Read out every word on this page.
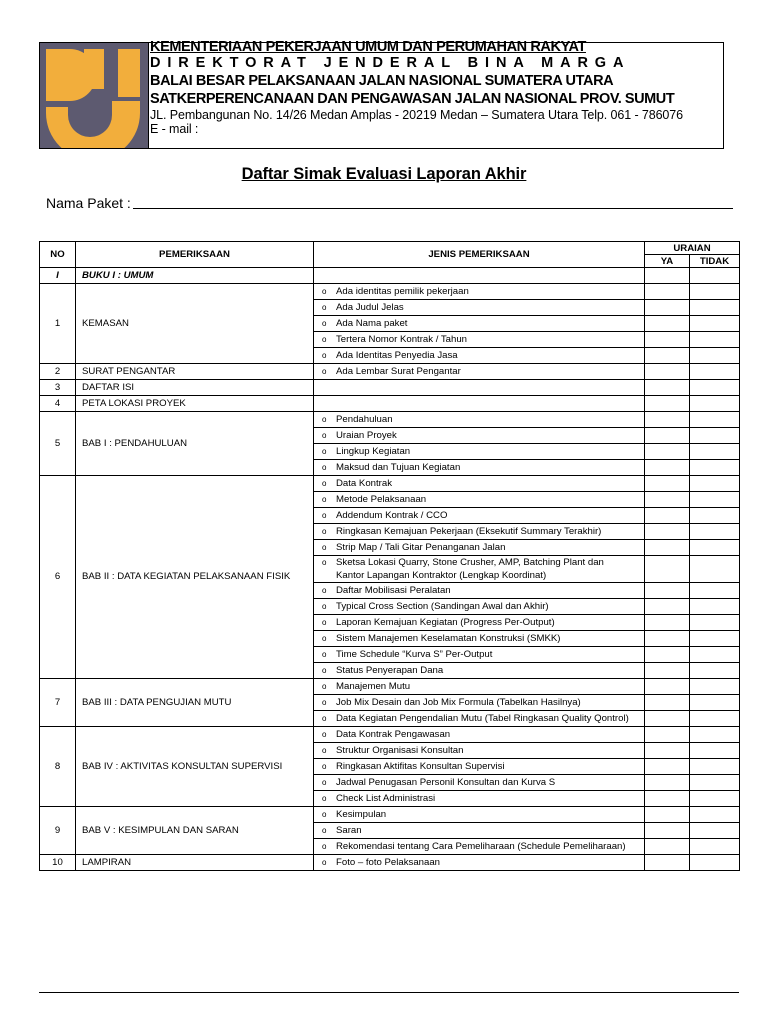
KEMENTERIAAN PEKERJAAN UMUM DAN PERUMAHAN RAKYAT
DIREKTORAT JENDERAL BINA MARGA
BALAI BESAR PELAKSANAAN JALAN NASIONAL SUMATERA UTARA
SATKERPERENCANAAN DAN PENGAWASAN JALAN NASIONAL PROV. SUMUT
JL. Pembangunan No. 14/26 Medan Amplas - 20219 Medan – Sumatera Utara Telp. 061 - 786076
E - mail :
Daftar Simak Evaluasi Laporan Akhir
Nama Paket :
NO	PEMERIKSAAN	JENIS PEMERIKSAAN	URAIAN	
			YA	TIDAK
I	BUKU I : UMUM			
1	KEMASAN	o Ada identitas pemilik pekerjaan		
		o Ada Judul Jelas		
		o Ada Nama paket		
		o Tertera Nomor Kontrak / Tahun		
		o Ada Identitas Penyedia Jasa		
2	SURAT PENGANTAR	o Ada Lembar Surat Pengantar		
3	DAFTAR ISI			
4	PETA LOKASI PROYEK			
5	BAB I : PENDAHULUAN	o Pendahuluan		
		o Uraian Proyek		
		o Lingkup Kegiatan		
		o Maksud dan Tujuan Kegiatan		
6	BAB II : DATA KEGIATAN PELAKSANAAN FISIK	o Data Kontrak		
		o Metode Pelaksanaan		
		o Addendum Kontrak / CCO		
		o Ringkasan Kemajuan Pekerjaan (Eksekutif Summary Terakhir)		
		o Strip Map / Tali Gitar Penanganan Jalan		
		o Sketsa Lokasi Quarry, Stone Crusher, AMP, Batching Plant dan Kantor Lapangan Kontraktor (Lengkap Koordinat)		
		o Daftar Mobilisasi Peralatan		
		o Typical Cross Section (Sandingan Awal dan Akhir)		
		o Laporan Kemajuan Kegiatan (Progress Per-Output)		
		o Sistem Manajemen Keselamatan Konstruksi (SMKK)		
		o Time Schedule “Kurva S” Per-Output		
		o Status Penyerapan Dana		
7	BAB III : DATA PENGUJIAN MUTU	o Manajemen Mutu		
		o Job Mix Desain dan Job Mix Formula (Tabelkan Hasilnya)		
		o Data Kegiatan Pengendalian Mutu (Tabel Ringkasan Quality Qontrol)		
8	BAB IV : AKTIVITAS KONSULTAN SUPERVISI	o Data Kontrak Pengawasan		
		o Struktur Organisasi Konsultan		
		o Ringkasan Aktifitas Konsultan Supervisi		
		o Jadwal Penugasan Personil Konsultan dan Kurva S		
		o Check List Administrasi		
9	BAB V : KESIMPULAN DAN SARAN	o Kesimpulan		
		o Saran		
		o Rekomendasi tentang Cara Pemeliharaan (Schedule Pemeliharaan)		
10	LAMPIRAN	o Foto – foto Pelaksanaan		
